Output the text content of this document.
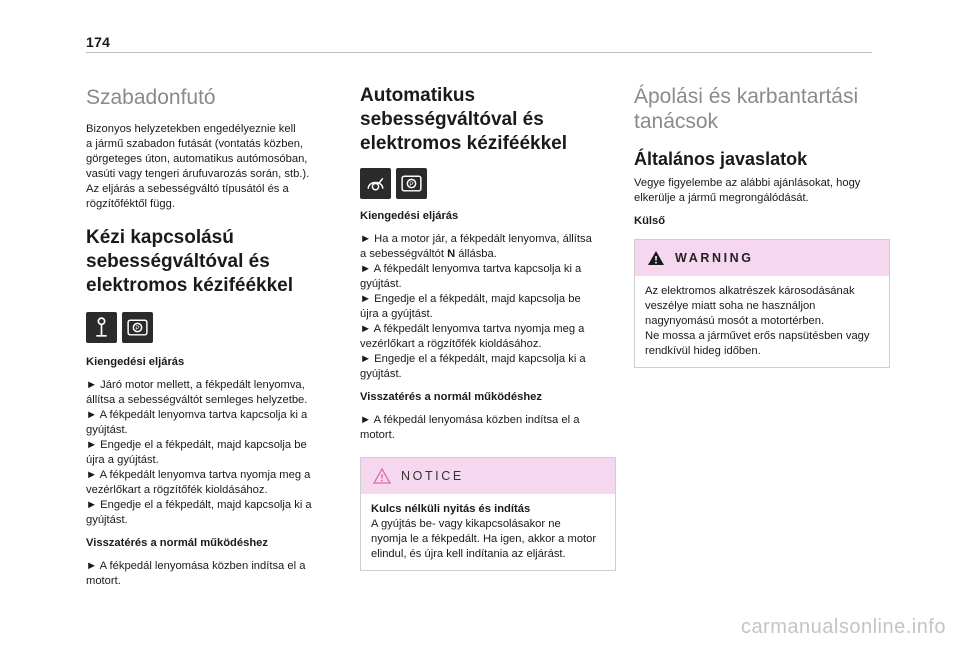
174
Szabadonfutó
Bizonyos helyzetekben engedélyeznie kell
a jármű szabadon futását (vontatás közben,
görgeteges úton, automatikus autómosóban,
vasúti vagy tengeri árufuvarozás során, stb.).
Az eljárás a sebességváltó típusától és a
rögzítőféktől függ.
Kézi kapcsolású
sebességváltóval és
elektromos kéziféékkel
P
Kiengedési eljárás
► Járó motor mellett, a fékpedált lenyomva,
állítsa a sebességváltót semleges helyzetbe.
► A fékpedált lenyomva tartva kapcsolja ki a
gyújtást.
► Engedje el a fékpedált, majd kapcsolja be
újra a gyújtást.
► A fékpedált lenyomva tartva nyomja meg a
vezérlőkart a rögzítőfék kioldásához.
► Engedje el a fékpedált, majd kapcsolja ki a
gyújtást.
Visszatérés a normál működéshez
► A fékpedál lenyomása közben indítsa el a
motort.
Automatikus
sebességváltóval és
elektromos kéziféékkel
P
Kiengedési eljárás
► Ha a motor jár, a fékpedált lenyomva, állítsa
a sebességváltót N állásba.
► A fékpedált lenyomva tartva kapcsolja ki a
gyújtást.
► Engedje el a fékpedált, majd kapcsolja be
újra a gyújtást.
► A fékpedált lenyomva tartva nyomja meg a
vezérlőkart a rögzítőfék kioldásához.
► Engedje el a fékpedált, majd kapcsolja ki a
gyújtást.
Visszatérés a normál működéshez
► A fékpedál lenyomása közben indítsa el a
motort.
NOTICE
Kulcs nélküli nyitás és indítás
A gyújtás be- vagy kikapcsolásakor ne
nyomja le a fékpedált. Ha igen, akkor a motor
elindul, és újra kell indítania az eljárást.
Ápolási és karbantartási
tanácsok
Általános javaslatok
Vegye figyelembe az alábbi ajánlásokat, hogy
elkerülje a jármű megrongálódását.
Külső
WARNING
Az elektromos alkatrészek károsodásának
veszélye miatt soha ne használjon
nagynyomású mosót a motortérben.
Ne mossa a járművet erős napsütésben vagy
rendkívül hideg időben.
carmanualsonline.info
